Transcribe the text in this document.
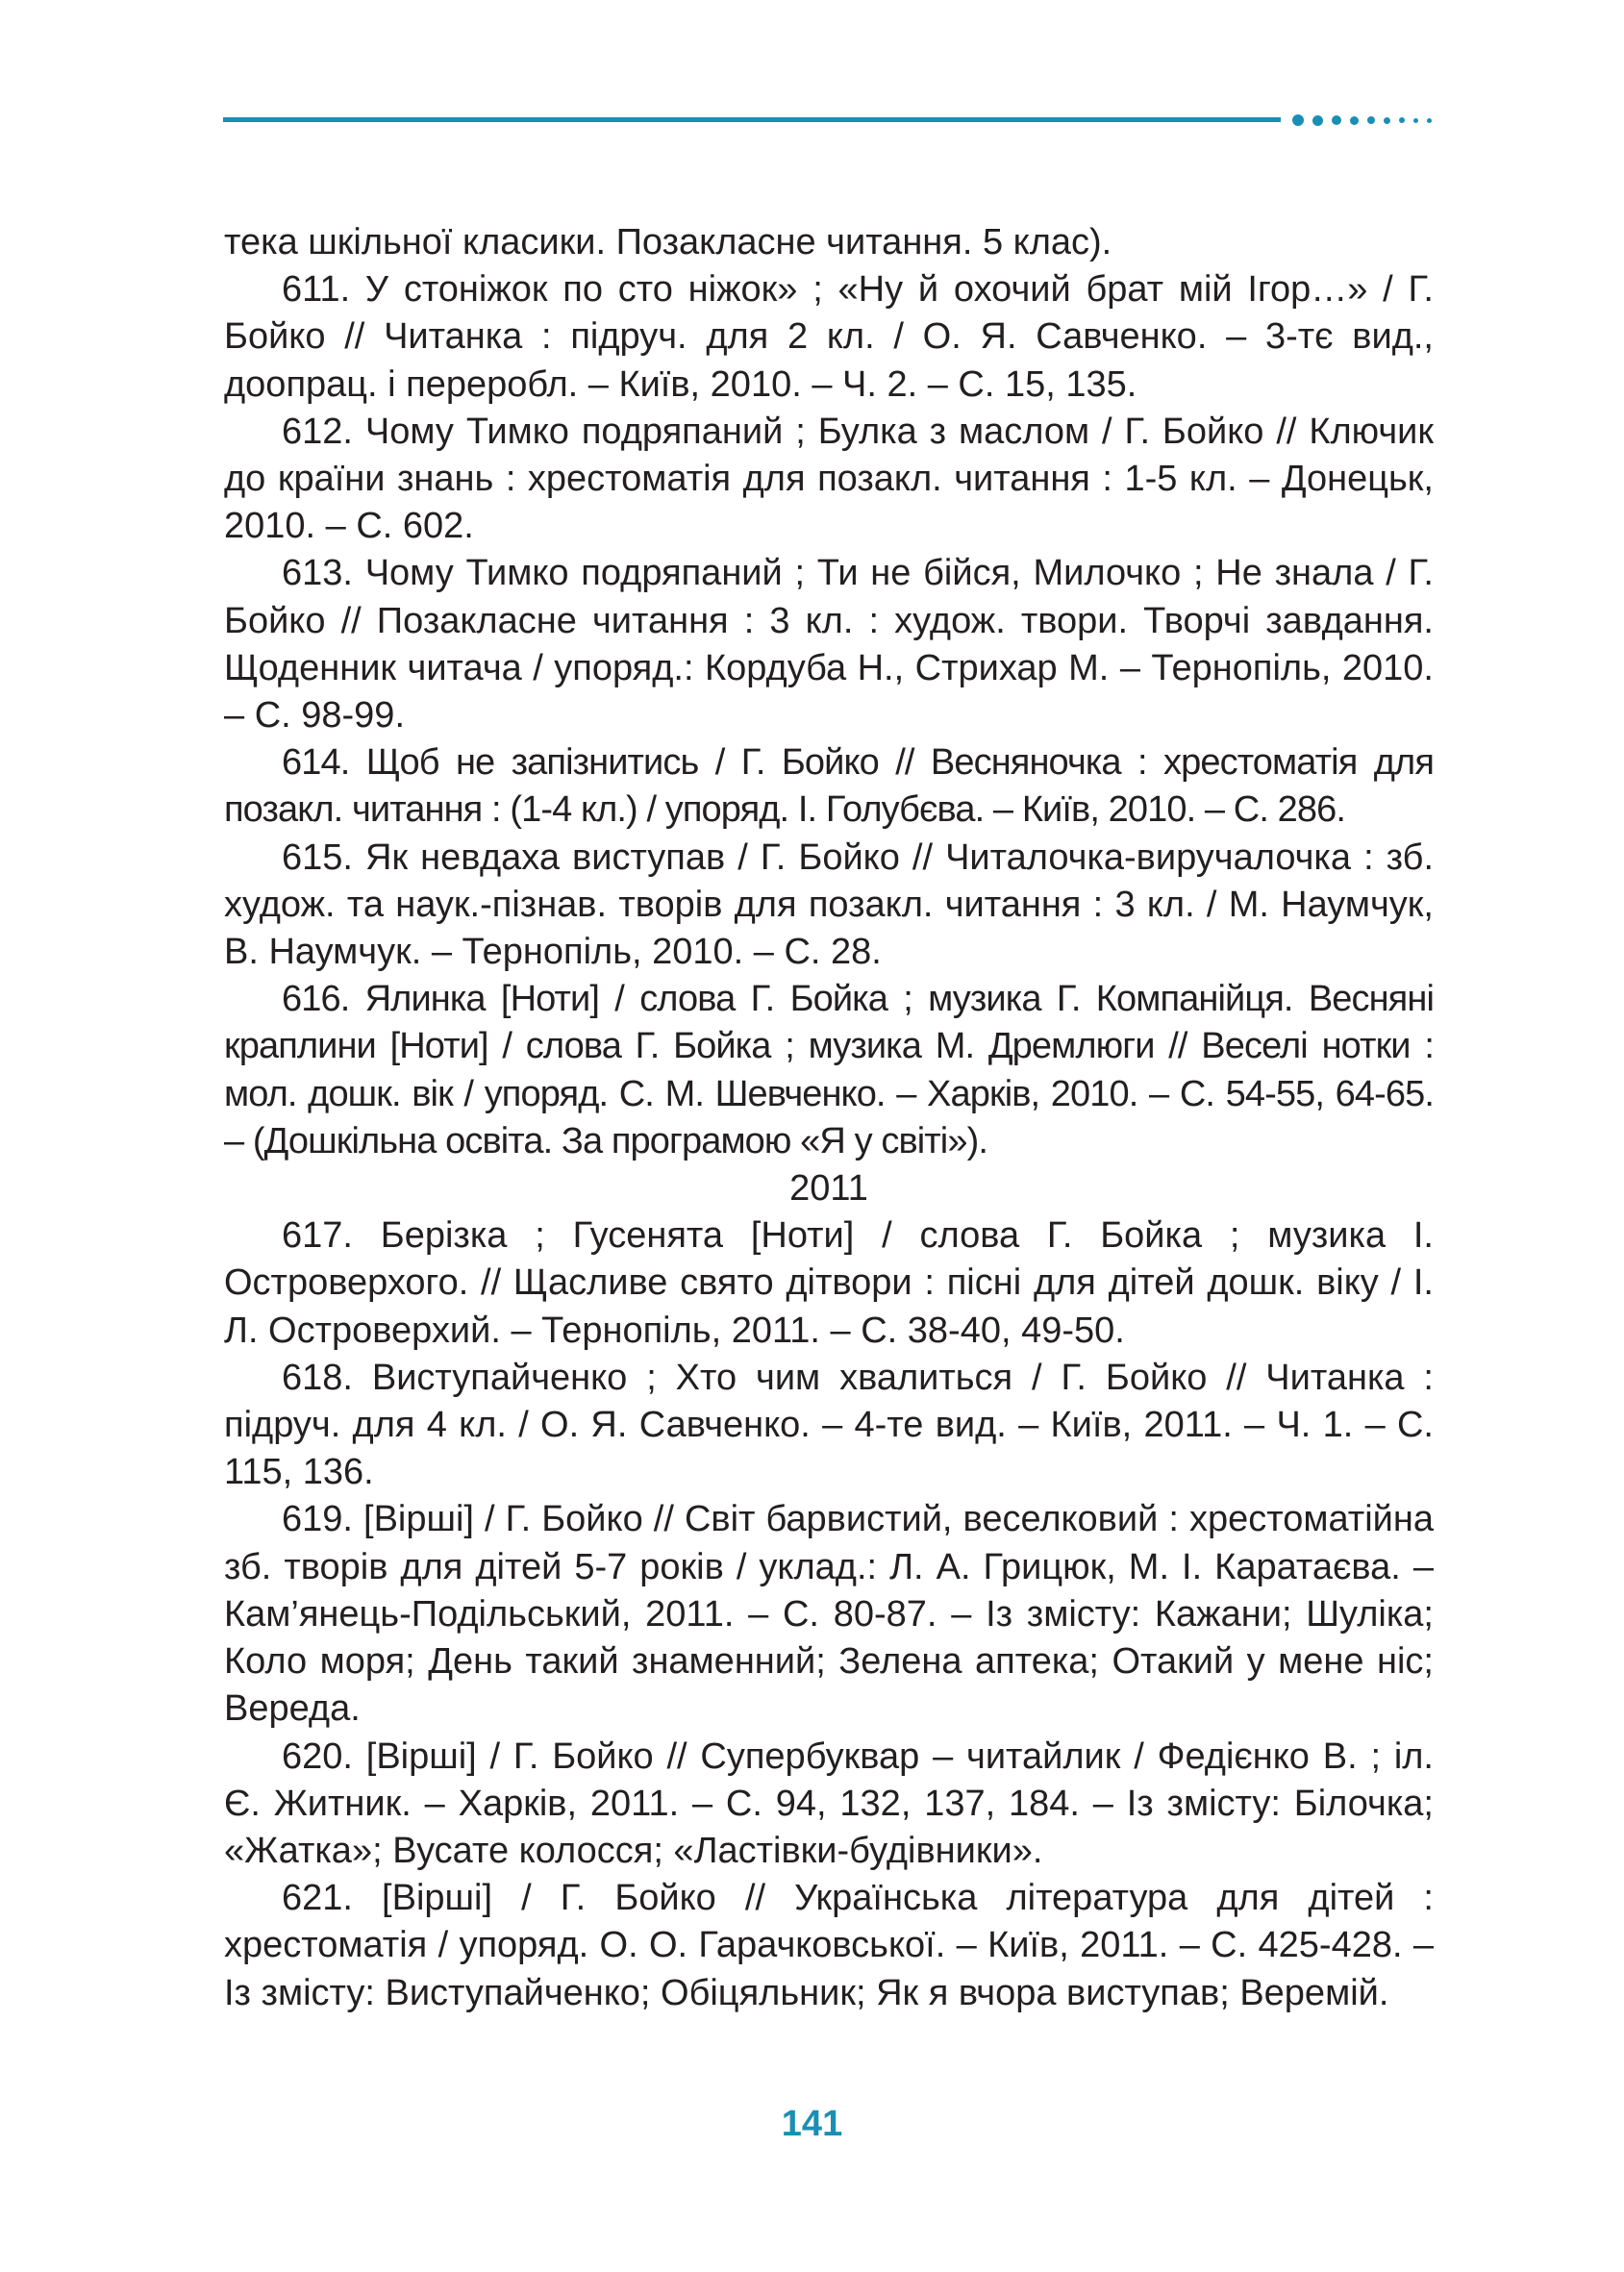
тека шкільної класики. Позакласне читання. 5 клас).

611. У стоніжок по сто ніжок» ; «Ну й охочий брат мій Ігор…» / Г. Бойко // Читанка : підруч. для 2 кл. / О. Я. Савченко. – 3-тє вид., доопрац. і переробл. – Київ, 2010. – Ч. 2. – С. 15, 135.

612. Чому Тимко подряпаний ; Булка з маслом / Г. Бойко // Ключик до країни знань : хрестоматія для позакл. читання : 1-5 кл. – Донецьк, 2010. – С. 602.

613. Чому Тимко подряпаний ; Ти не бійся, Милочко ; Не знала / Г. Бойко // Позакласне читання : 3 кл. : худож. твори. Творчі завдання. Щоденник читача / упоряд.: Кордуба Н., Стрихар М. – Тернопіль, 2010. – С. 98-99.

614. Щоб не запізнитись / Г. Бойко // Весняночка : хрестоматія для позакл. читання : (1-4 кл.) / упоряд. І. Голубєва. – Київ, 2010. – С. 286.

615. Як невдаха виступав / Г. Бойко // Читалочка-виручалочка : зб. худож. та наук.-пізнав. творів для позакл. читання : 3 кл. / М. Наумчук, В. Наумчук. – Тернопіль, 2010. – С. 28.

616. Ялинка [Ноти] / слова Г. Бойка ; музика Г. Компанійця. Весняні краплини [Ноти] / слова Г. Бойка ; музика М. Дремлюги // Веселі нотки : мол. дошк. вік / упоряд. С. М. Шевченко. – Харків, 2010. – С. 54-55, 64-65. – (Дошкільна освіта. За програмою «Я у світі»).

2011

617. Берізка ; Гусенята [Ноти] / слова Г. Бойка ; музика І. Островерхого. // Щасливе свято дітвори : пісні для дітей дошк. віку / І. Л. Островерхий. – Тернопіль, 2011. – С. 38-40, 49-50.

618. Виступайченко ; Хто чим хвалиться / Г. Бойко // Читанка : підруч. для 4 кл. / О. Я. Савченко. – 4-те вид. – Київ, 2011. – Ч. 1. – С. 115, 136.

619. [Вірші] / Г. Бойко // Світ барвистий, веселковий : хрестоматійна зб. творів для дітей 5-7 років / уклад.: Л. А. Грицюк, М. І. Каратаєва. – Кам’янець-Подільський, 2011. – С. 80-87. – Із змісту: Кажани; Шуліка; Коло моря; День такий знаменний; Зелена аптека; Отакий у мене ніс; Вереда.

620. [Вірші] / Г. Бойко // Супербуквар – читайлик / Федієнко В. ; іл. Є. Житник. – Харків, 2011. – С. 94, 132, 137, 184. – Із змісту: Білочка; «Жатка»; Вусате колосся; «Ластівки-будівники».

621. [Вірші] / Г. Бойко // Українська література для дітей : хрестоматія / упоряд. О. О. Гарачковської. – Київ, 2011. – С. 425-428. – Із змісту: Виступайченко; Обіцяльник; Як я вчора виступав; Веремій.

141
